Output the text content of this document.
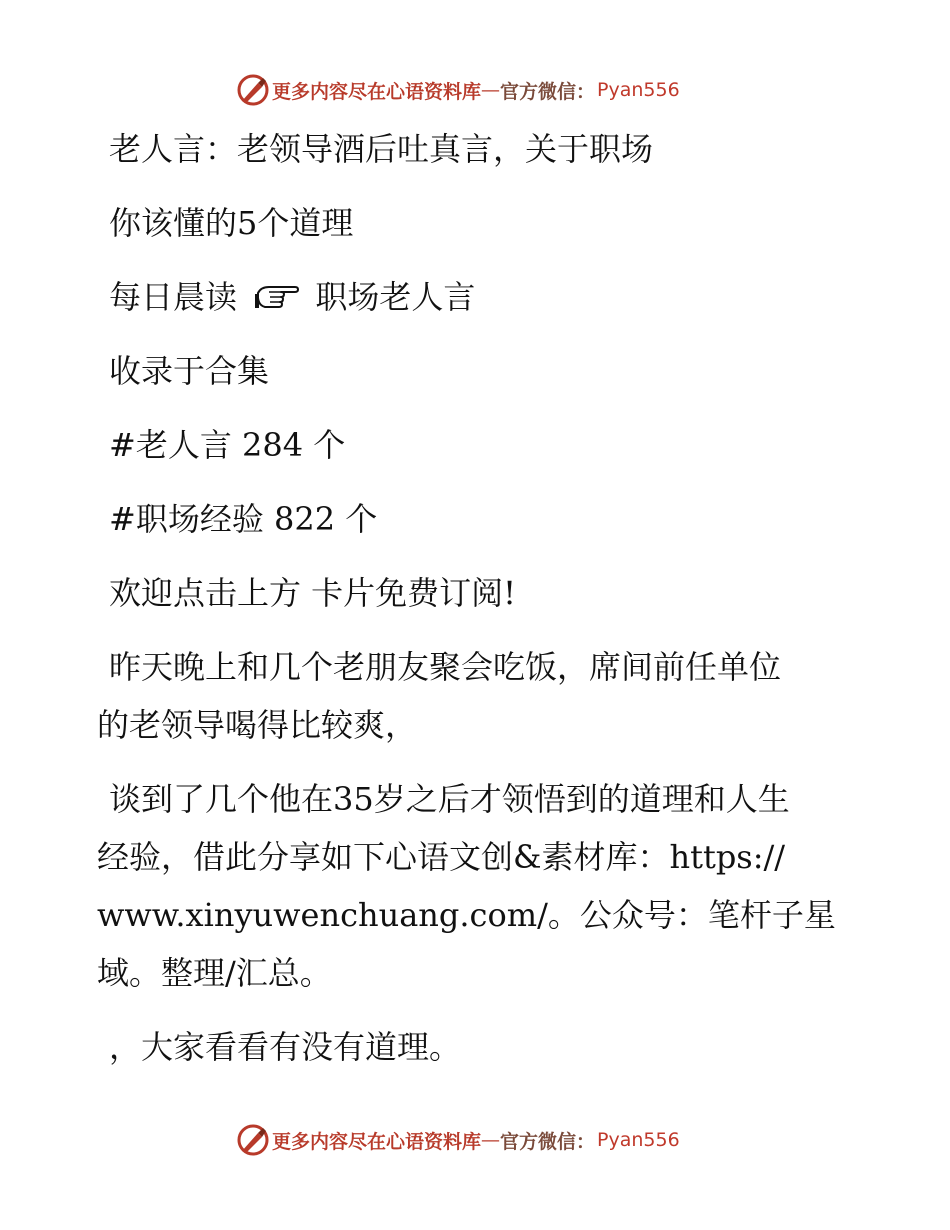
更多内容尽在心语资料库 — 官方微信： Pyan556

老人言：老领导酒后吐真言，关于职场

你该懂的5个道理

每日晨读 职场老人言

收录于合集

#老人言 284 个

#职场经验 822 个

欢迎点击上方 卡片免费订阅!

昨天晚上和几个老朋友聚会吃饭，席间前任单位

的老领导喝得比较爽，

谈到了几个他在35岁之后才领悟到的道理和人生

经验，借此分享如下心语文创&素材库：https://

www.xinyuwenchuang.com/。公众号：笔杆子星

域。整理/汇总。

，大家看看有没有道理。

更多内容尽在心语资料库 — 官方微信： Pyan556
